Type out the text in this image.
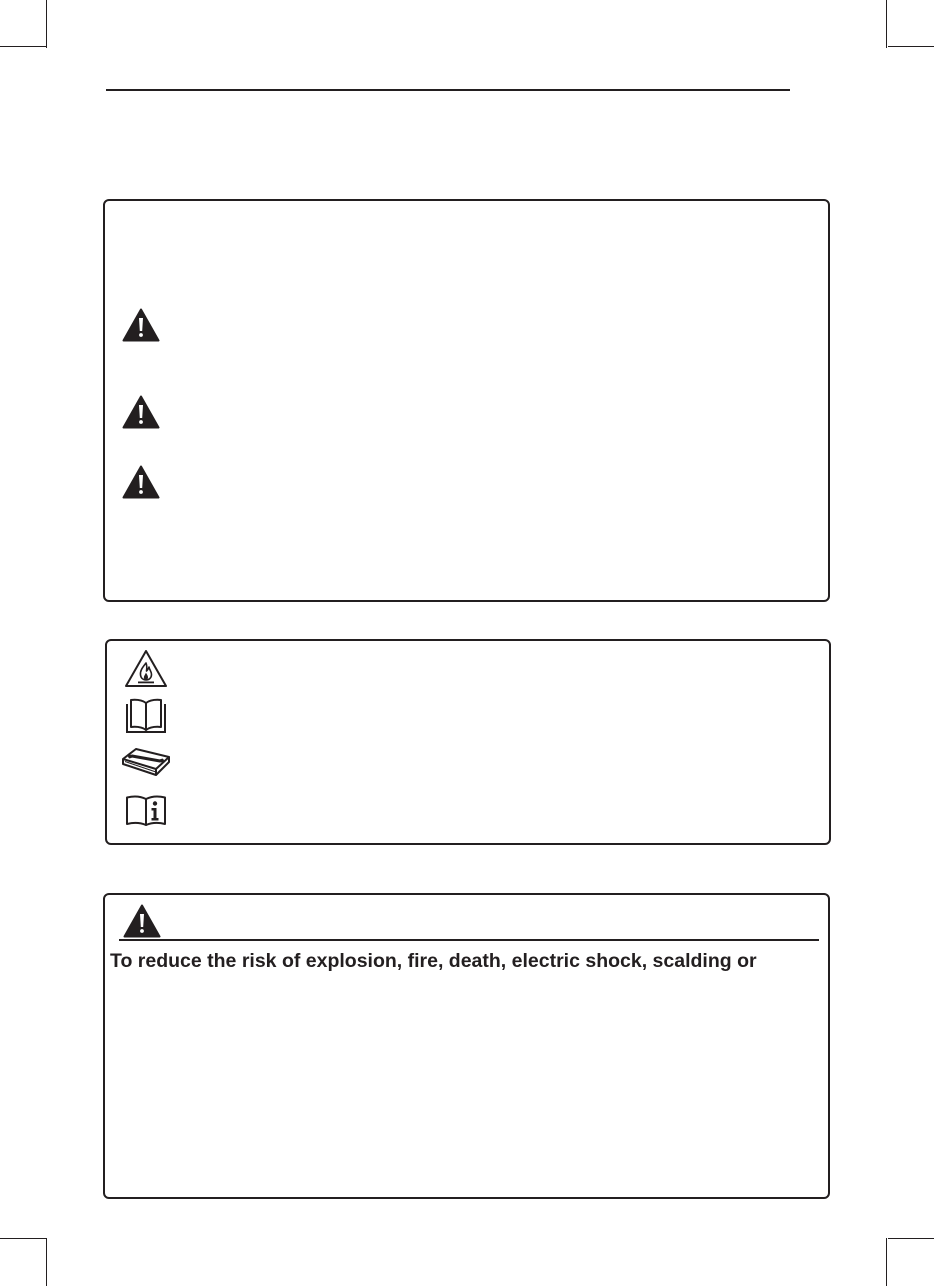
To reduce the risk of explosion, fire, death, electric shock, scalding or
